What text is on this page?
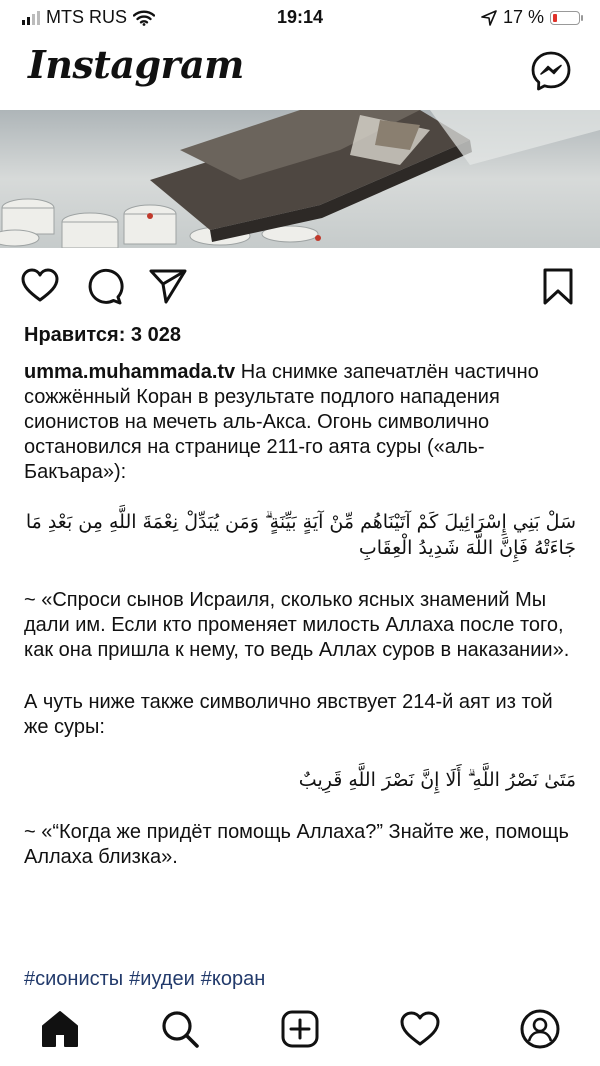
MTS RUS	19:14	17 %
Instagram
Нравится: 3 028

umma.muhammada.tv На снимке запечатлён частично сожжённый Коран в результате подлого нападения сионистов на мечеть аль-Акса. Огонь символично остановился на странице 211-го аята суры («аль-Бакъара»):

سَلْ بَنِي إِسْرَائِيلَ كَمْ آتَيْنَاهُم مِّنْ آيَةٍ بَيِّنَةٍ ۗ وَمَن يُبَدِّلْ نِعْمَةَ اللَّهِ مِن بَعْدِ مَا جَاءَتْهُ فَإِنَّ اللَّهَ شَدِيدُ الْعِقَابِ

~ «Спроси сынов Исраиля, сколько ясных знамений Мы дали им. Если кто променяет милость Аллаха после того, как она пришла к нему, то ведь Аллах суров в наказании».

А чуть ниже также символично явствует 214-й аят из той же суры:

مَتَىٰ نَصْرُ اللَّهِ ۗ أَلَا إِنَّ نَصْرَ اللَّهِ قَرِيبٌ

~ «“Когда же придёт помощь Аллаха?” Знайте же, помощь Аллаха близка».

#сионисты #иудеи #коран
